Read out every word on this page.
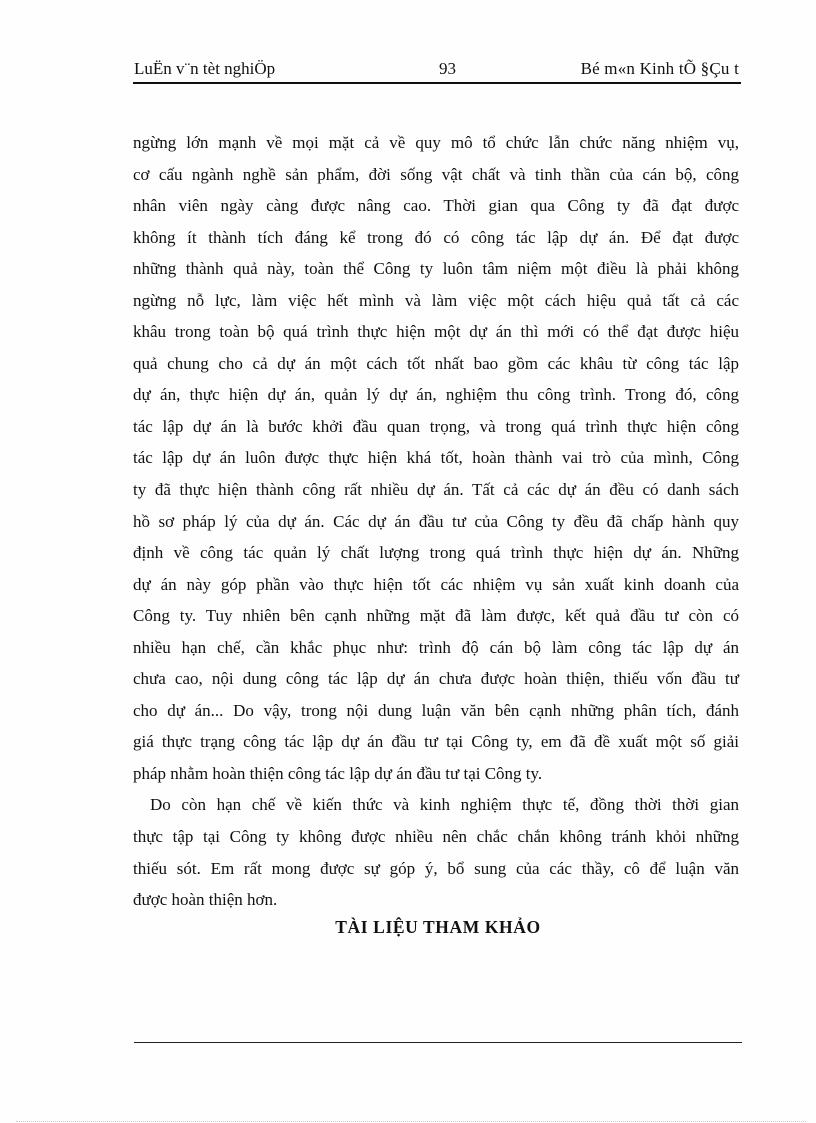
LuËn v¨n tèt nghiÖp	93	Bé m«n Kinh tÕ §Çu t
ngừng lớn mạnh về mọi mặt cả về quy mô tổ chức lẫn chức năng nhiệm vụ,
cơ cấu ngành nghề sản phẩm, đời sống vật chất và tinh thần của cán bộ, công
nhân viên ngày càng được nâng cao. Thời gian qua Công ty đã đạt được
không ít thành tích đáng kể trong đó có công tác lập dự án. Để đạt được
những thành quả này, toàn thể Công ty luôn tâm niệm một điều là phải không
ngừng nỗ lực, làm việc hết mình và làm việc một cách hiệu quả tất cả các
khâu trong toàn bộ quá trình thực hiện một dự án thì mới có thể đạt được hiệu
quả chung cho cả dự án một cách tốt nhất bao gồm các khâu từ công tác lập
dự án, thực hiện dự án, quản lý dự án, nghiệm thu công trình. Trong đó, công
tác lập dự án là bước khởi đầu quan trọng, và trong quá trình thực hiện công
tác lập dự án luôn được thực hiện khá tốt, hoàn thành vai trò của mình, Công
ty đã thực hiện thành công rất nhiều dự án. Tất cả các dự án đều có danh sách
hồ sơ pháp lý của dự án. Các dự án đầu tư của Công ty đều đã chấp hành quy
định về công tác quản lý chất lượng trong quá trình thực hiện dự án. Những
dự án này góp phần vào thực hiện tốt các nhiệm vụ sản xuất kinh doanh của
Công ty. Tuy nhiên bên cạnh những mặt đã làm được, kết quả đầu tư còn có
nhiều hạn chế, cần khắc phục như: trình độ cán bộ làm công tác lập dự án
chưa cao, nội dung công tác lập dự án chưa được hoàn thiện, thiếu vốn đầu tư
cho dự án... Do vậy, trong nội dung luận văn bên cạnh những phân tích, đánh
giá thực trạng công tác lập dự án đầu tư tại Công ty, em đã đề xuất một số giải
pháp nhằm hoàn thiện công tác lập dự án đầu tư tại Công ty.
Do còn hạn chế về kiến thức và kinh nghiệm thực tế, đồng thời thời gian
thực tập tại Công ty không được nhiều nên chắc chắn không tránh khỏi những
thiếu sót. Em rất mong được sự góp ý, bổ sung của các thầy, cô để luận văn
được hoàn thiện hơn.
TÀI LIỆU THAM KHẢO
